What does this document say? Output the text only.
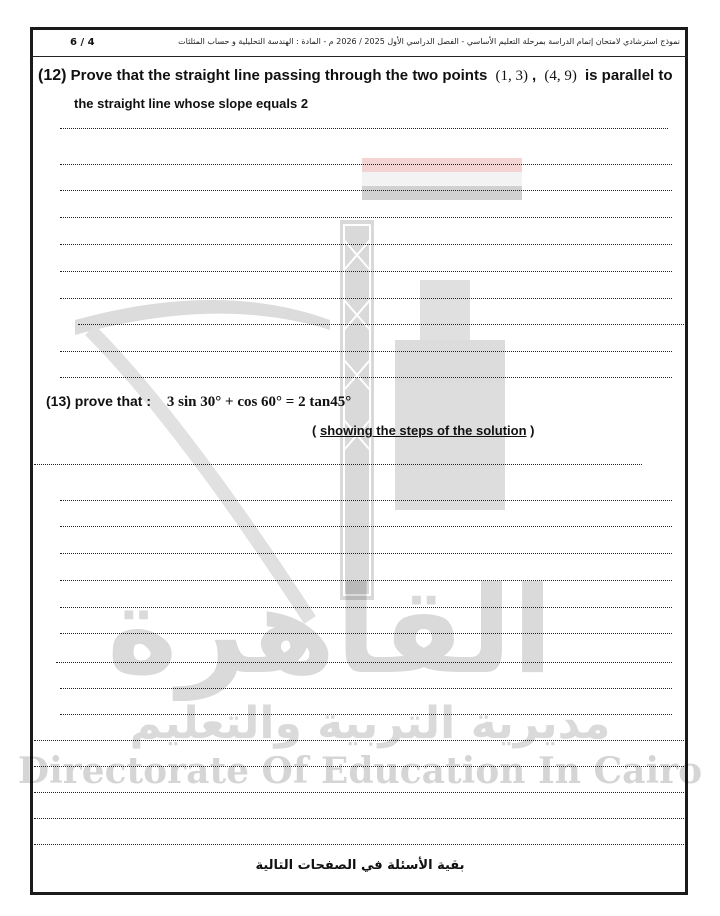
القاهرة
مديرية التربية والتعليم
Directorate Of Education In Cairo
6 / 4	نموذج استرشادي لامتحان إتمام الدراسة بمرحلة التعليم الأساسي - الفصل الدراسي الأول 2025 / 2026 م - المادة : الهندسة التحليلية و حساب المثلثات
(12) Prove that the straight line passing through the two points (1, 3) , (4, 9) is parallel to
the straight line whose slope equals 2
(13) prove that : 3 sin 30° + cos 60° = 2 tan45°
( showing the steps of the solution )
بقية الأسئلة في الصفحات التالية
